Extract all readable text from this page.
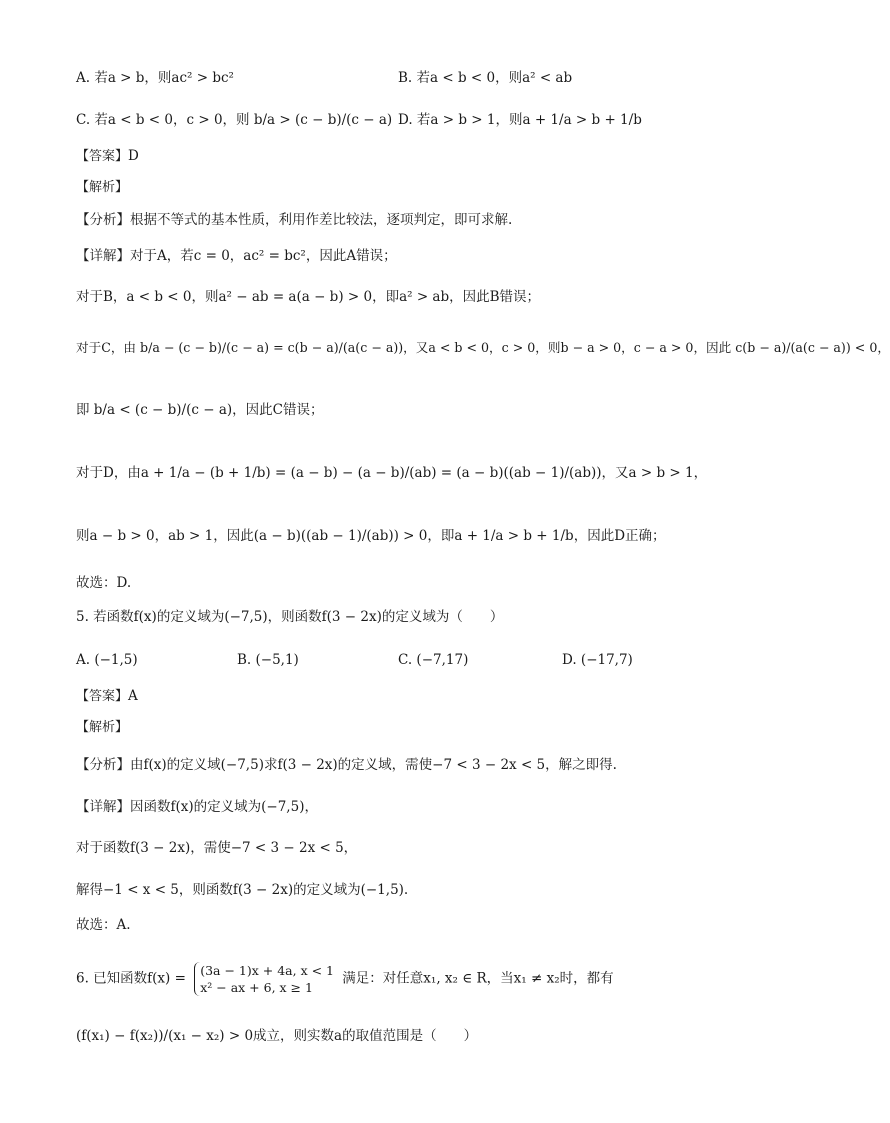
A. 若a > b，则ac² > bc²	B. 若a < b < 0，则a² < ab
C. 若a < b < 0，c > 0，则 b/a > (c − b)/(c − a) D. 若a > b > 1，则a + 1/a > b + 1/b
【答案】D
【解析】
【分析】根据不等式的基本性质，利用作差比较法，逐项判定，即可求解.
【详解】对于A，若c = 0，ac² = bc²，因此A错误；
对于B，a < b < 0，则a² − ab = a(a − b) > 0，即a² > ab，因此B错误；
对于C，由 b/a − (c − b)/(c − a) = c(b − a)/(a(c − a))，又a < b < 0，c > 0，则b − a > 0，c − a > 0，因此 c(b − a)/(a(c − a)) < 0，
即 b/a < (c − b)/(c − a)，因此C错误；
对于D，由a + 1/a − (b + 1/b) = (a − b) − (a − b)/(ab) = (a − b)((ab − 1)/(ab))，又a > b > 1，
则a − b > 0，ab > 1，因此(a − b)((ab − 1)/(ab)) > 0，即a + 1/a > b + 1/b，因此D正确；
故选：D.
5. 若函数f(x)的定义域为(−7,5)，则函数f(3 − 2x)的定义域为（　　）
A. (−1,5)	B. (−5,1)	C. (−7,17)	D. (−17,7)
【答案】A
【解析】
【分析】由f(x)的定义域(−7,5)求f(3 − 2x)的定义域，需使−7 < 3 − 2x < 5，解之即得.
【详解】因函数f(x)的定义域为(−7,5)，
对于函数f(3 − 2x)，需使−7 < 3 − 2x < 5，
解得−1 < x < 5，则函数f(3 − 2x)的定义域为(−1,5).
故选：A.
6. 已知函数f(x) = (3a − 1)x + 4a, x < 1
x² − ax + 6, x ≥ 1
满足：对任意x₁, x₂ ∈ R，当x₁ ≠ x₂时，都有
(f(x₁) − f(x₂))/(x₁ − x₂) > 0成立，则实数a的取值范围是（　　）
